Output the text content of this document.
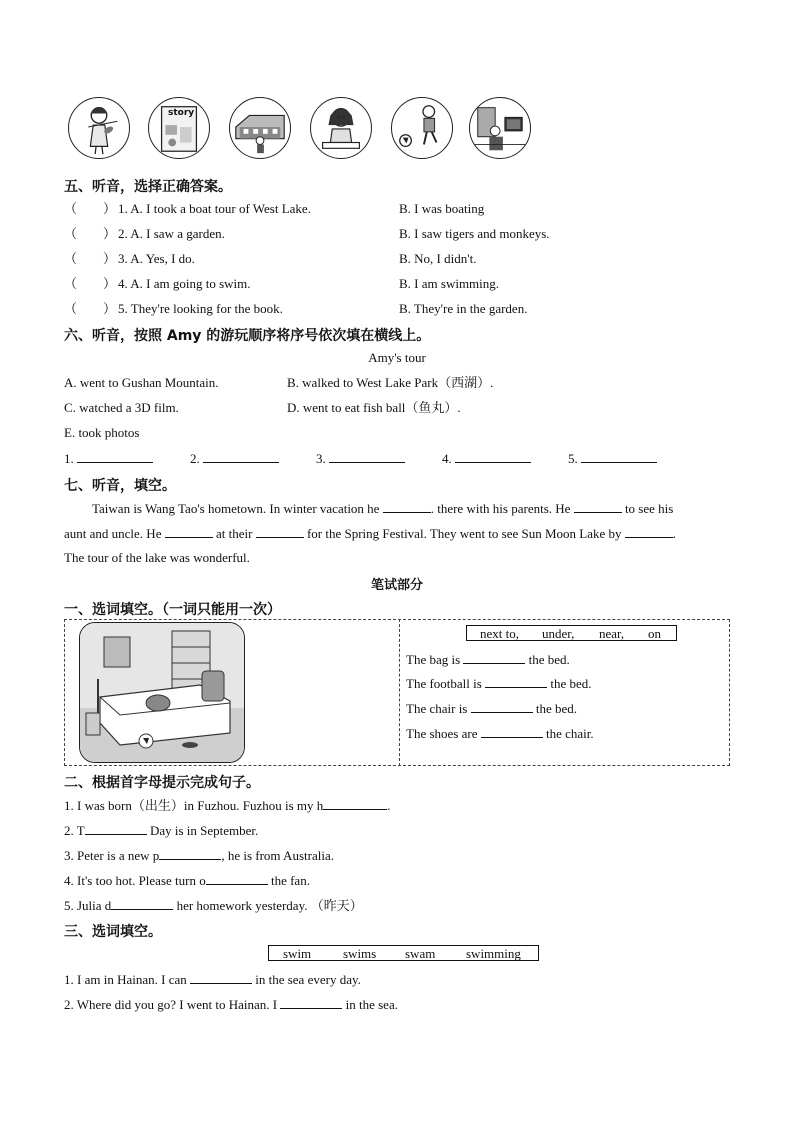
story
五、听音，选择正确答案。
（　　） 1. A. I took a boat tour of West Lake.	B. I was boating
（　　） 2. A. I saw a garden.	B. I saw tigers and monkeys.
（　　） 3. A. Yes, I do.	B. No, I didn't.
（　　） 4. A. I am going to swim.	B. I am swimming.
（　　） 5. They're looking for the book.	B. They're in the garden.
六、听音，按照 Amy 的游玩顺序将序号依次填在横线上。
Amy's tour
A. went to Gushan Mountain.	B. walked to West Lake Park（西湖）.
C. watched a 3D film.	D. went to eat fish ball（鱼丸）.
E. took photos
1.	2.	3.	4.	5.
七、听音，填空。
Taiwan is Wang Tao's hometown. In winter vacation he	. there with his parents. He	to see his
aunt and uncle. He	at their	for the Spring Festival. They went to see Sun Moon Lake by	.
The tour of the lake was wonderful.
笔试部分
一、选词填空。（一词只能用一次）
next to, under, near, on
The bag is	the bed.
The football is	the bed.
The chair is	the bed.
The shoes are	the chair.
二、根据首字母提示完成句子。
1. I was born（出生）in Fuzhou. Fuzhou is my h	.
2. T	Day is in September.
3. Peter is a new p	, he is from Australia.
4. It's too hot. Please turn o	the fan.
5. Julia d	her homework yesterday. （昨天）
三、选词填空。
swim swims swam swimming
1. I am in Hainan. I can	in the sea every day.
2. Where did you go? I went to Hainan. I	in the sea.
